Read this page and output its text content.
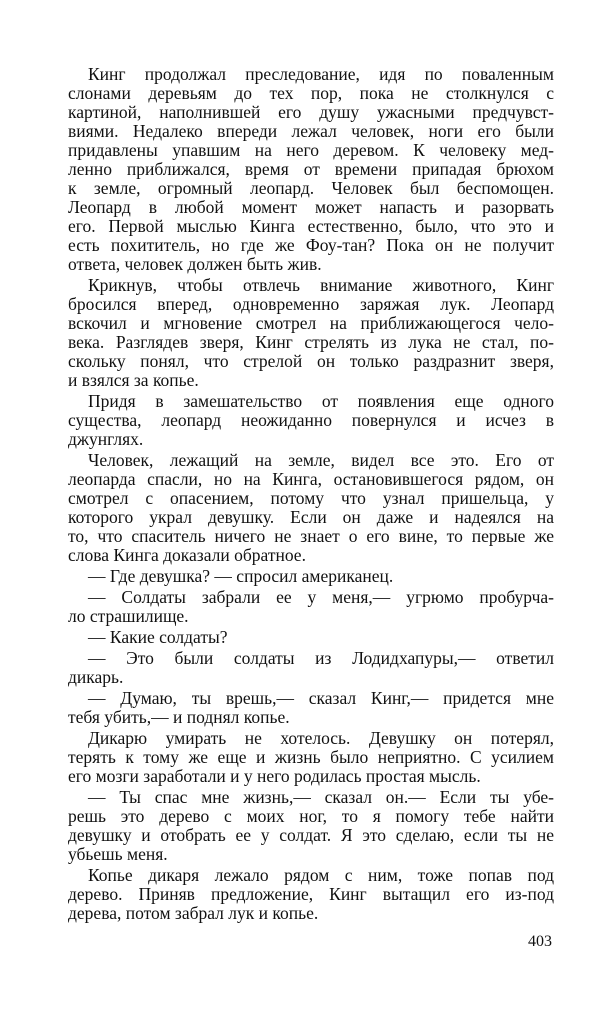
Кинг продолжал преследование, идя по поваленным
слонами деревьям до тех пор, пока не столкнулся с
картиной, наполнившей его душу ужасными предчувст-
виями. Недалеко впереди лежал человек, ноги его были
придавлены упавшим на него деревом. К человеку мед-
ленно приближался, время от времени припадая брюхом
к земле, огромный леопард. Человек был беспомощен.
Леопард в любой момент может напасть и разорвать
его. Первой мыслью Кинга естественно, было, что это и
есть похититель, но где же Фоу-тан? Пока он не получит
ответа, человек должен быть жив.
Крикнув, чтобы отвлечь внимание животного, Кинг
бросился вперед, одновременно заряжая лук. Леопард
вскочил и мгновение смотрел на приближающегося чело-
века. Разглядев зверя, Кинг стрелять из лука не стал, по-
скольку понял, что стрелой он только раздразнит зверя,
и взялся за копье.
Придя в замешательство от появления еще одного
существа, леопард неожиданно повернулся и исчез в
джунглях.
Человек, лежащий на земле, видел все это. Его от
леопарда спасли, но на Кинга, остановившегося рядом, он
смотрел с опасением, потому что узнал пришельца, у
которого украл девушку. Если он даже и надеялся на
то, что спаситель ничего не знает о его вине, то первые же
слова Кинга доказали обратное.
— Где девушка? — спросил американец.
— Солдаты забрали ее у меня,— угрюмо пробурча-
ло страшилище.
— Какие солдаты?
— Это были солдаты из Лодидхапуры,— ответил
дикарь.
— Думаю, ты врешь,— сказал Кинг,— придется мне
тебя убить,— и поднял копье.
Дикарю умирать не хотелось. Девушку он потерял,
терять к тому же еще и жизнь было неприятно. С усилием
его мозги заработали и у него родилась простая мысль.
— Ты спас мне жизнь,— сказал он.— Если ты убе-
решь это дерево с моих ног, то я помогу тебе найти
девушку и отобрать ее у солдат. Я это сделаю, если ты не
убьешь меня.
Копье дикаря лежало рядом с ним, тоже попав под
дерево. Приняв предложение, Кинг вытащил его из-под
дерева, потом забрал лук и копье.
403
